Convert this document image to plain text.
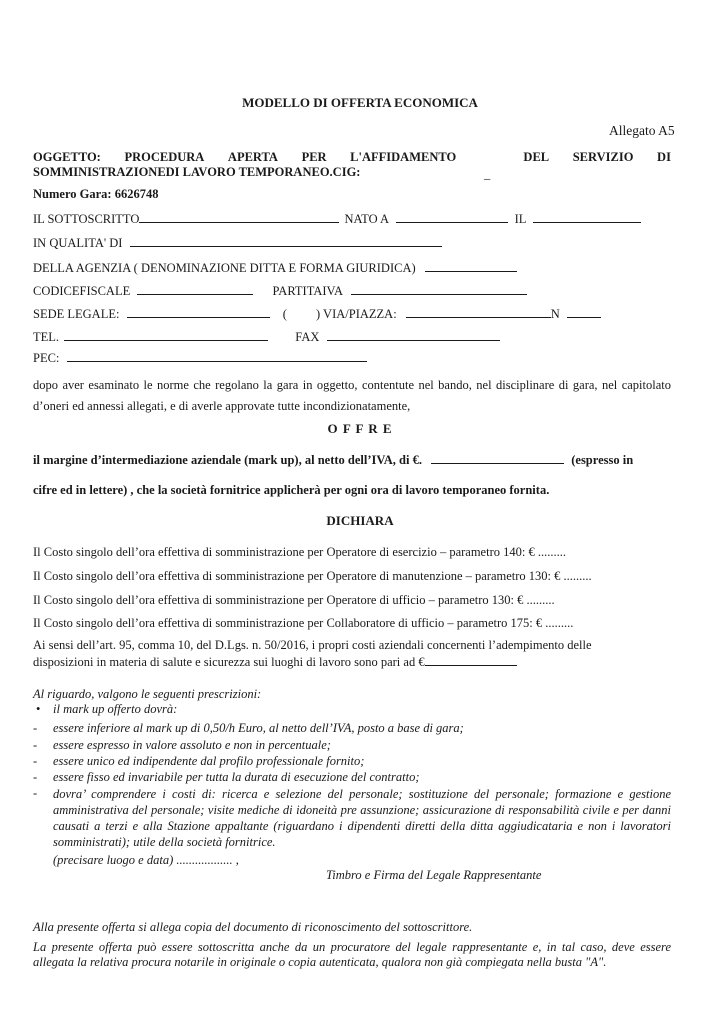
MODELLO DI OFFERTA ECONOMICA
Allegato A5
OGGETTO: PROCEDURA APERTA PER L'AFFIDAMENTO	DEL SERVIZIO DI
SOMMINISTRAZIONEDI LAVORO TEMPORANEO.CIG:	_
Numero Gara: 6626748
IL SOTTOSCRITTO	NATO A	IL
IN QUALITA' DI
DELLA AGENZIA ( DENOMINAZIONE DITTA E FORMA GIURIDICA)
CODICEFISCALE	PARTITAIVA
SEDE LEGALE:	( ) VIA/PIAZZA:	N
TEL.	FAX
PEC:

dopo aver esaminato le norme che regolano la gara in oggetto, contentute nel bando, nel disciplinare di gara, nel capitolato d’oneri ed annessi allegati, e di averle approvate tutte incondizionatamente,

O F F R E
il margine d’intermediazione aziendale (mark up), al netto dell’IVA, di €.	(espresso in
cifre ed in lettere) , che la società fornitrice applicherà per ogni ora di lavoro temporaneo fornita.
DICHIARA
Il Costo singolo dell’ora effettiva di somministrazione per Operatore di esercizio – parametro 140: € .........
Il Costo singolo dell’ora effettiva di somministrazione per Operatore di manutenzione – parametro 130: € .........
Il Costo singolo dell’ora effettiva di somministrazione per Operatore di ufficio – parametro 130: € .........
Il Costo singolo dell’ora effettiva di somministrazione per Collaboratore di ufficio – parametro 175: € .........
Ai sensi dell’art. 95, comma 10, del D.Lgs. n. 50/2016, i propri costi aziendali concernenti l’adempimento delle
disposizioni in materia di salute e sicurezza sui luoghi di lavoro sono pari ad €
Al riguardo, valgono le seguenti prescrizioni:
• il mark up offerto dovrà:
- essere inferiore al mark up di 0,50/h Euro, al netto dell’IVA, posto a base di gara;
- essere espresso in valore assoluto e non in percentuale;
- essere unico ed indipendente dal profilo professionale fornito;
- essere fisso ed invariabile per tutta la durata di esecuzione del contratto;
- dovra’ comprendere i costi di: ricerca e selezione del personale; sostituzione del personale; formazione e gestione amministrativa del personale; visite mediche di idoneità pre assunzione; assicurazione di responsabilità civile e per danni causati a terzi e alla Stazione appaltante (riguardano i dipendenti diretti della ditta aggiudicataria e non i lavoratori somministrati); utile della società fornitrice.

(precisare luogo e data) .................. ,
Timbro e Firma del Legale Rappresentante
Alla presente offerta si allega copia del documento di riconoscimento del sottoscrittore.

La presente offerta può essere sottoscritta anche da un procuratore del legale rappresentante e, in tal caso, deve essere allegata la relativa procura notarile in originale o copia autenticata, qualora non già compiegata nella busta "A".
